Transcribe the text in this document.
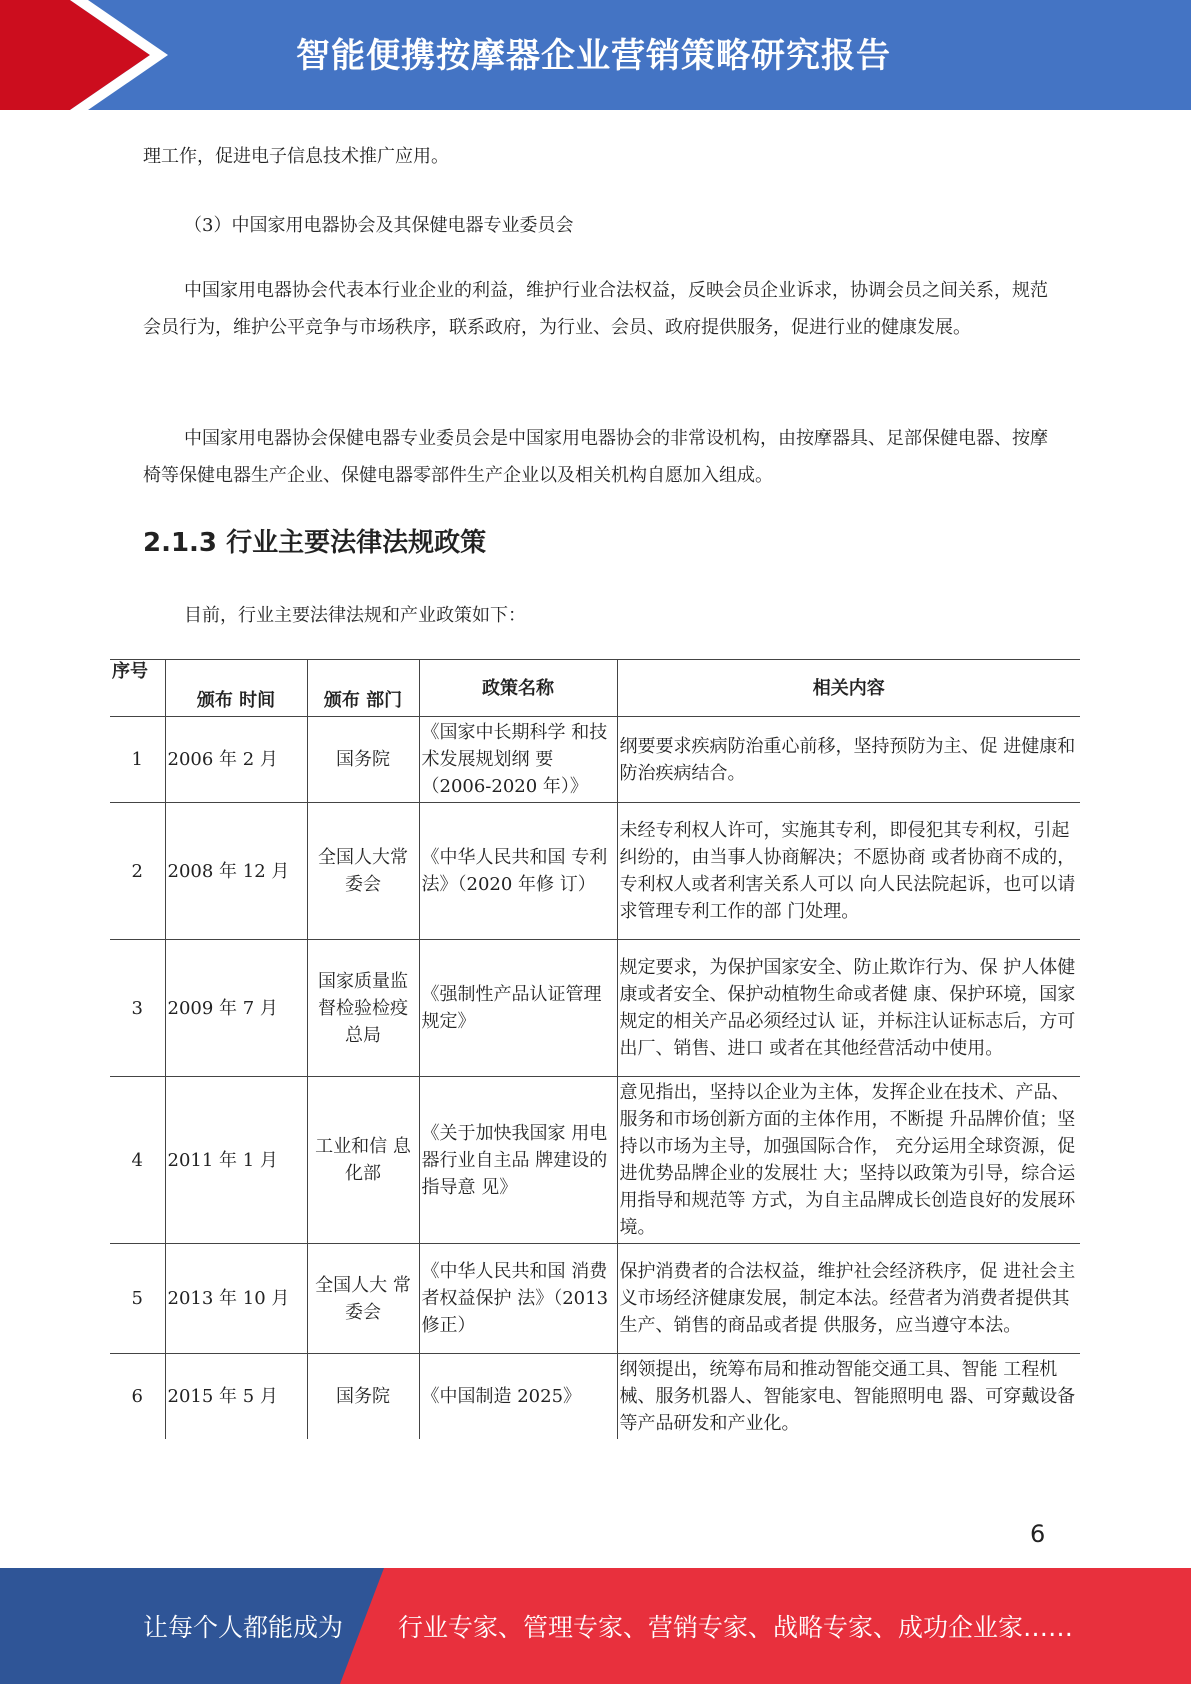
智能便携按摩器企业营销策略研究报告

理工作，促进电子信息技术推广应用。

（3）中国家用电器协会及其保健电器专业委员会

中国家用电器协会代表本行业企业的利益，维护行业合法权益，反映会员企业诉求，协调会员之间关系，规范会员行为，维护公平竞争与市场秩序，联系政府，为行业、会员、政府提供服务，促进行业的健康发展。

中国家用电器协会保健电器专业委员会是中国家用电器协会的非常设机构，由按摩器具、足部保健电器、按摩椅等保健电器生产企业、保健电器零部件生产企业以及相关机构自愿加入组成。

2.1.3 行业主要法律法规政策

目前，行业主要法律法规和产业政策如下：

序号	颁布 时间	颁布 部门	政策名称	相关内容
1	2006 年 2 月	国务院	《国家中长期科学 和技术发展规划纲 要（2006-2020 年）》	纲要要求疾病防治重心前移，坚持预防为主、促 进健康和防治疾病结合。
2	2008 年 12 月	全国人大常委会	《中华人民共和国 专利法》（2020 年修 订）	未经专利权人许可，实施其专利，即侵犯其专利权，引起纠纷的，由当事人协商解决；不愿协商 或者协商不成的，专利权人或者利害关系人可以 向人民法院起诉，也可以请求管理专利工作的部 门处理。
3	2009 年 7 月	国家质量监督检验检疫总局	《强制性产品认证管理规定》	规定要求，为保护国家安全、防止欺诈行为、保 护人体健康或者安全、保护动植物生命或者健 康、保护环境，国家规定的相关产品必须经过认 证，并标注认证标志后，方可出厂、销售、进口 或者在其他经营活动中使用。
4	2011 年 1 月	工业和信 息化部	《关于加快我国家 用电器行业自主品 牌建设的指导意 见》	意见指出，坚持以企业为主体，发挥企业在技术、产品、服务和市场创新方面的主体作用，不断提 升品牌价值；坚持以市场为主导，加强国际合作， 充分运用全球资源，促进优势品牌企业的发展壮 大；坚持以政策为引导，综合运用指导和规范等 方式，为自主品牌成长创造良好的发展环境。
5	2013 年 10 月	全国人大 常委会	《中华人民共和国 消费者权益保护 法》（2013 修正）	保护消费者的合法权益，维护社会经济秩序，促 进社会主义市场经济健康发展，制定本法。经营者为消费者提供其生产、销售的商品或者提 供服务，应当遵守本法。
6	2015 年 5 月	国务院	《中国制造 2025》	纲领提出，统筹布局和推动智能交通工具、智能 工程机械、服务机器人、智能家电、智能照明电 器、可穿戴设备等产品研发和产业化。
6
让每个人都能成为 行业专家、管理专家、营销专家、战略专家、成功企业家……
